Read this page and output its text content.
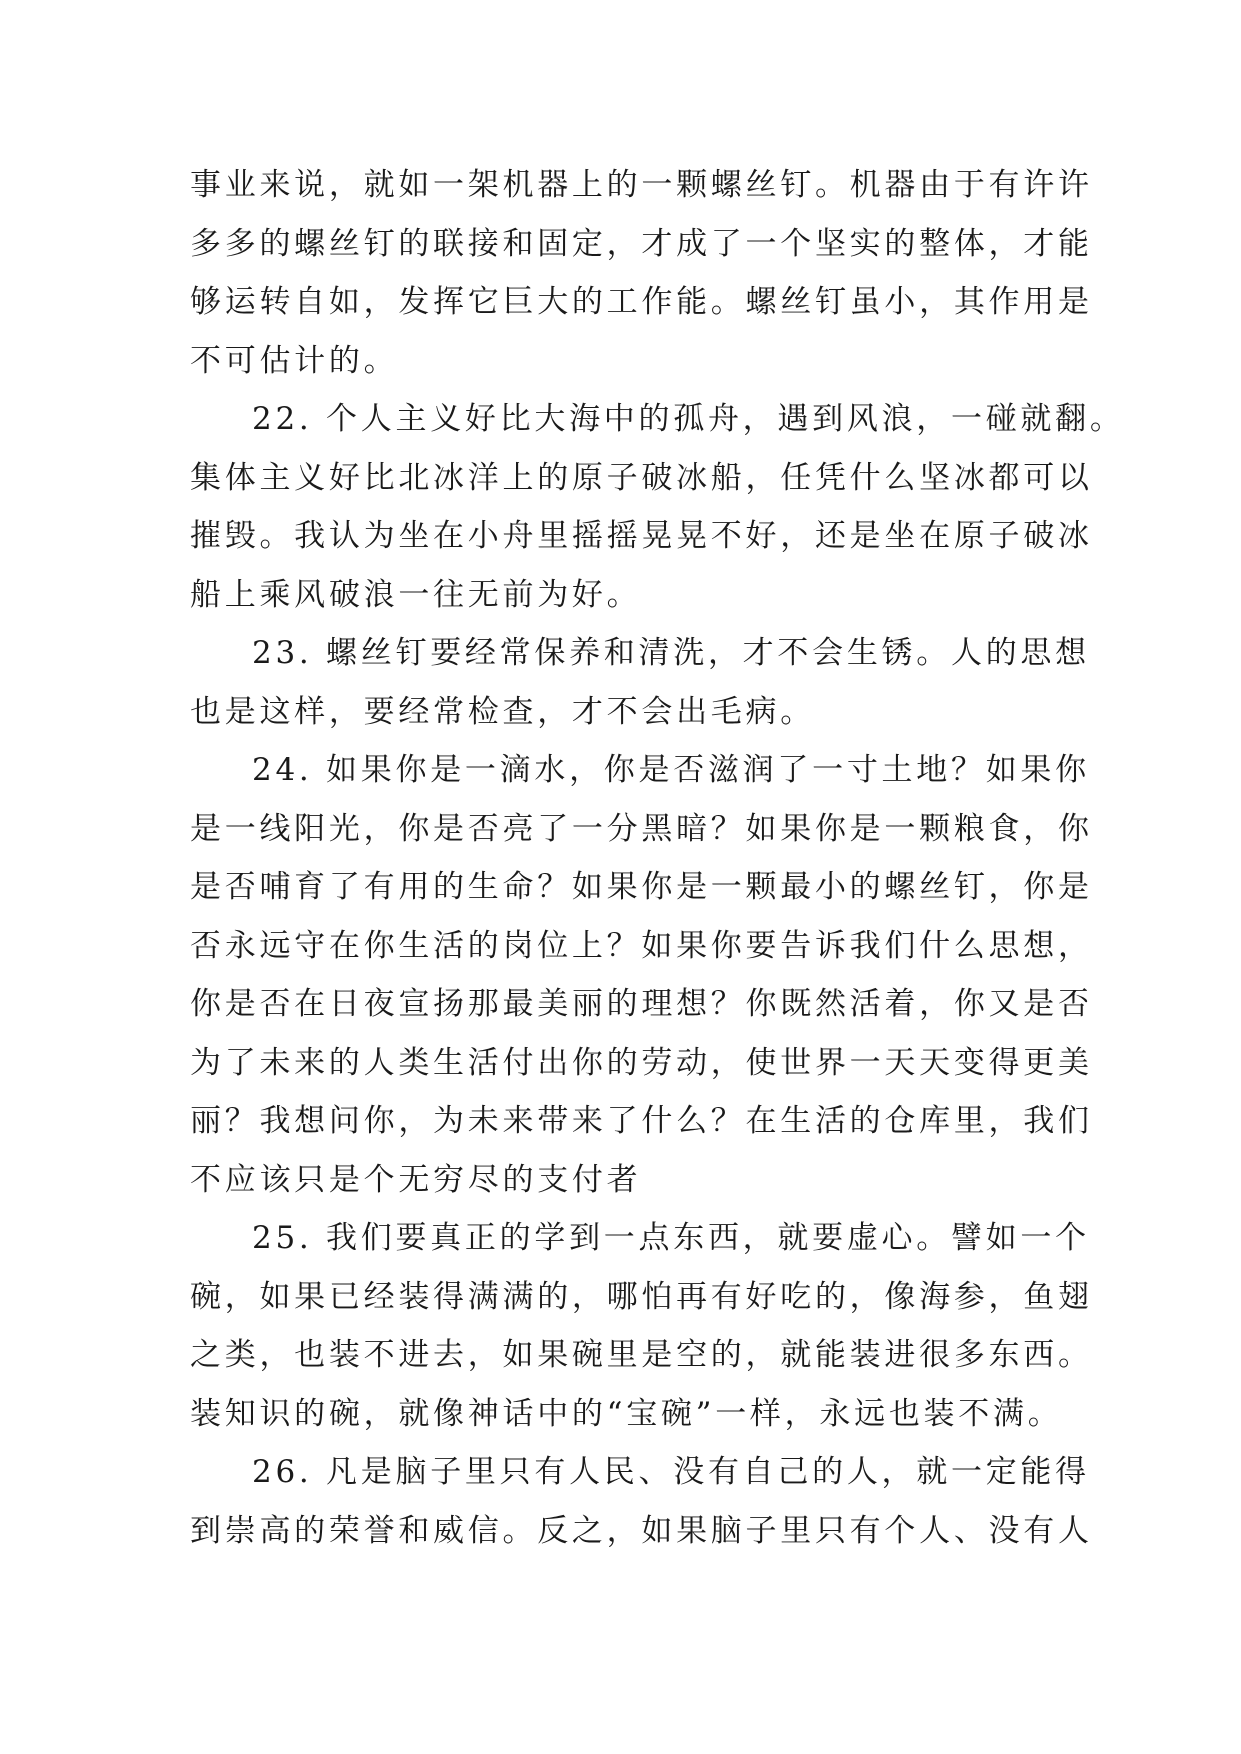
事业来说，就如一架机器上的一颗螺丝钉。机器由于有许许
多多的螺丝钉的联接和固定，才成了一个坚实的整体，才能
够运转自如，发挥它巨大的工作能。螺丝钉虽小，其作用是
不可估计的。
22. 个人主义好比大海中的孤舟，遇到风浪，一碰就翻。
集体主义好比北冰洋上的原子破冰船，任凭什么坚冰都可以
摧毁。我认为坐在小舟里摇摇晃晃不好，还是坐在原子破冰
船上乘风破浪一往无前为好。
23. 螺丝钉要经常保养和清洗，才不会生锈。人的思想
也是这样，要经常检查，才不会出毛病。
24. 如果你是一滴水，你是否滋润了一寸土地？如果你
是一线阳光，你是否亮了一分黑暗？如果你是一颗粮食，你
是否哺育了有用的生命？如果你是一颗最小的螺丝钉，你是
否永远守在你生活的岗位上？如果你要告诉我们什么思想，
你是否在日夜宣扬那最美丽的理想？你既然活着，你又是否
为了未来的人类生活付出你的劳动，使世界一天天变得更美
丽？我想问你，为未来带来了什么？在生活的仓库里，我们
不应该只是个无穷尽的支付者
25. 我们要真正的学到一点东西，就要虚心。譬如一个
碗，如果已经装得满满的，哪怕再有好吃的，像海参，鱼翅
之类，也装不进去，如果碗里是空的，就能装进很多东西。
装知识的碗，就像神话中的“宝碗”一样，永远也装不满。
26. 凡是脑子里只有人民、没有自己的人，就一定能得
到崇高的荣誉和威信。反之，如果脑子里只有个人、没有人
